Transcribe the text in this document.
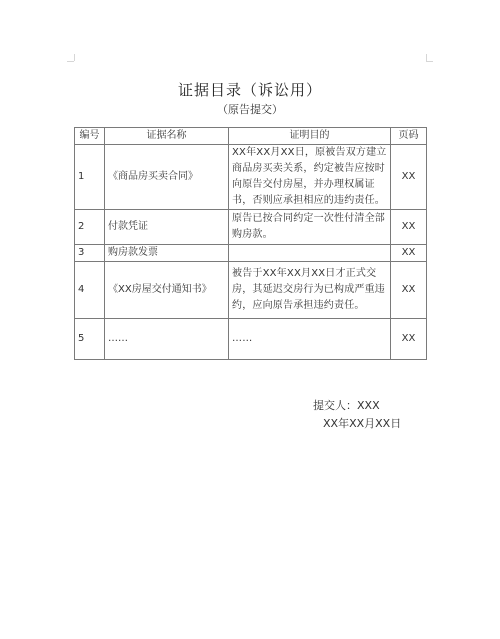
证据目录（诉讼用）
（原告提交）
编号	证据名称	证明目的	页码
1	《商品房买卖合同》	XX年XX月XX日，原被告双方建立商品房买卖关系，约定被告应按时向原告交付房屋，并办理权属证书，否则应承担相应的违约责任。	XX
2	付款凭证	原告已按合同约定一次性付清全部购房款。	XX
3	购房款发票		XX
4	《XX房屋交付通知书》	被告于XX年XX月XX日才正式交房，其延迟交房行为已构成严重违约，应向原告承担违约责任。	XX
5	……	……	XX
提交人：XXX
XX年XX月XX日
